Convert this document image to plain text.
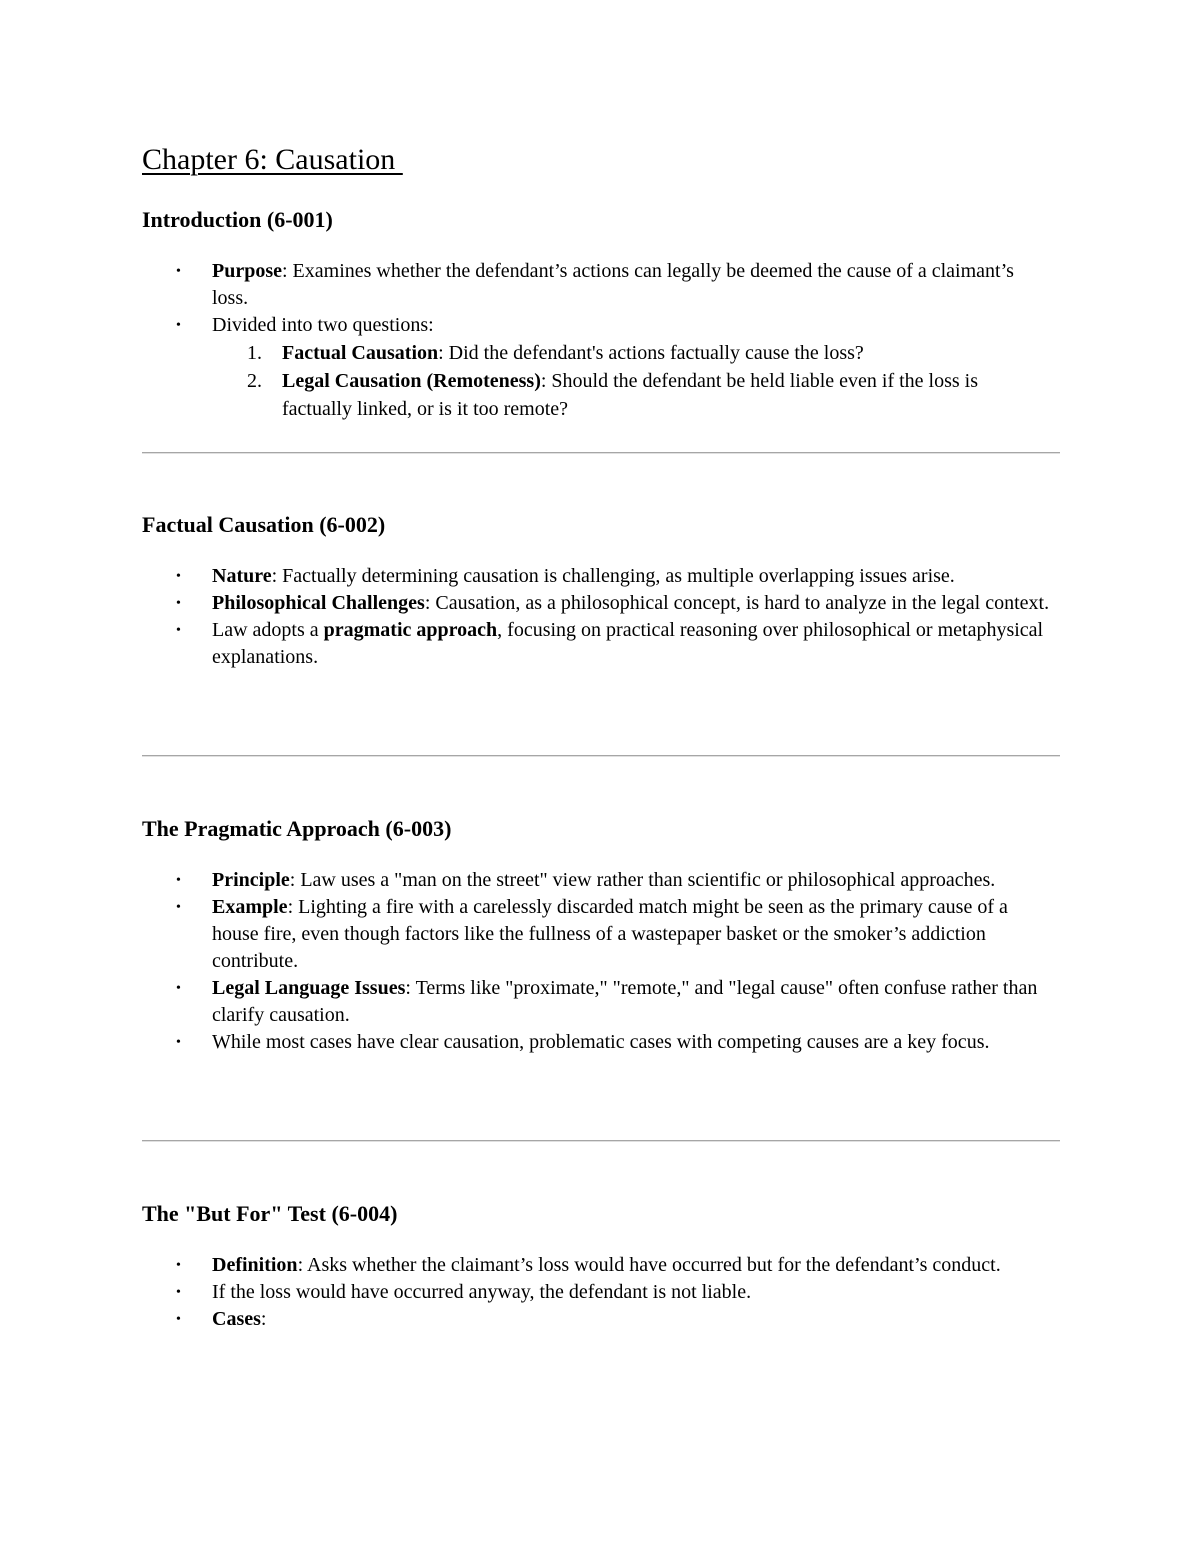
Chapter 6: Causation
Introduction (6-001)
• Purpose: Examines whether the defendant’s actions can legally be deemed the cause of a claimant’s loss.
• Divided into two questions:
1. Factual Causation: Did the defendant's actions factually cause the loss?
2. Legal Causation (Remoteness): Should the defendant be held liable even if the loss is factually linked, or is it too remote?
Factual Causation (6-002)
• Nature: Factually determining causation is challenging, as multiple overlapping issues arise.
• Philosophical Challenges: Causation, as a philosophical concept, is hard to analyze in the legal context.
• Law adopts a pragmatic approach, focusing on practical reasoning over philosophical or metaphysical explanations.
The Pragmatic Approach (6-003)
• Principle: Law uses a "man on the street" view rather than scientific or philosophical approaches.
• Example: Lighting a fire with a carelessly discarded match might be seen as the primary cause of a house fire, even though factors like the fullness of a wastepaper basket or the smoker’s addiction contribute.
• Legal Language Issues: Terms like "proximate," "remote," and "legal cause" often confuse rather than clarify causation.
• While most cases have clear causation, problematic cases with competing causes are a key focus.
The "But For" Test (6-004)
• Definition: Asks whether the claimant’s loss would have occurred but for the defendant’s conduct.
• If the loss would have occurred anyway, the defendant is not liable.
• Cases:
